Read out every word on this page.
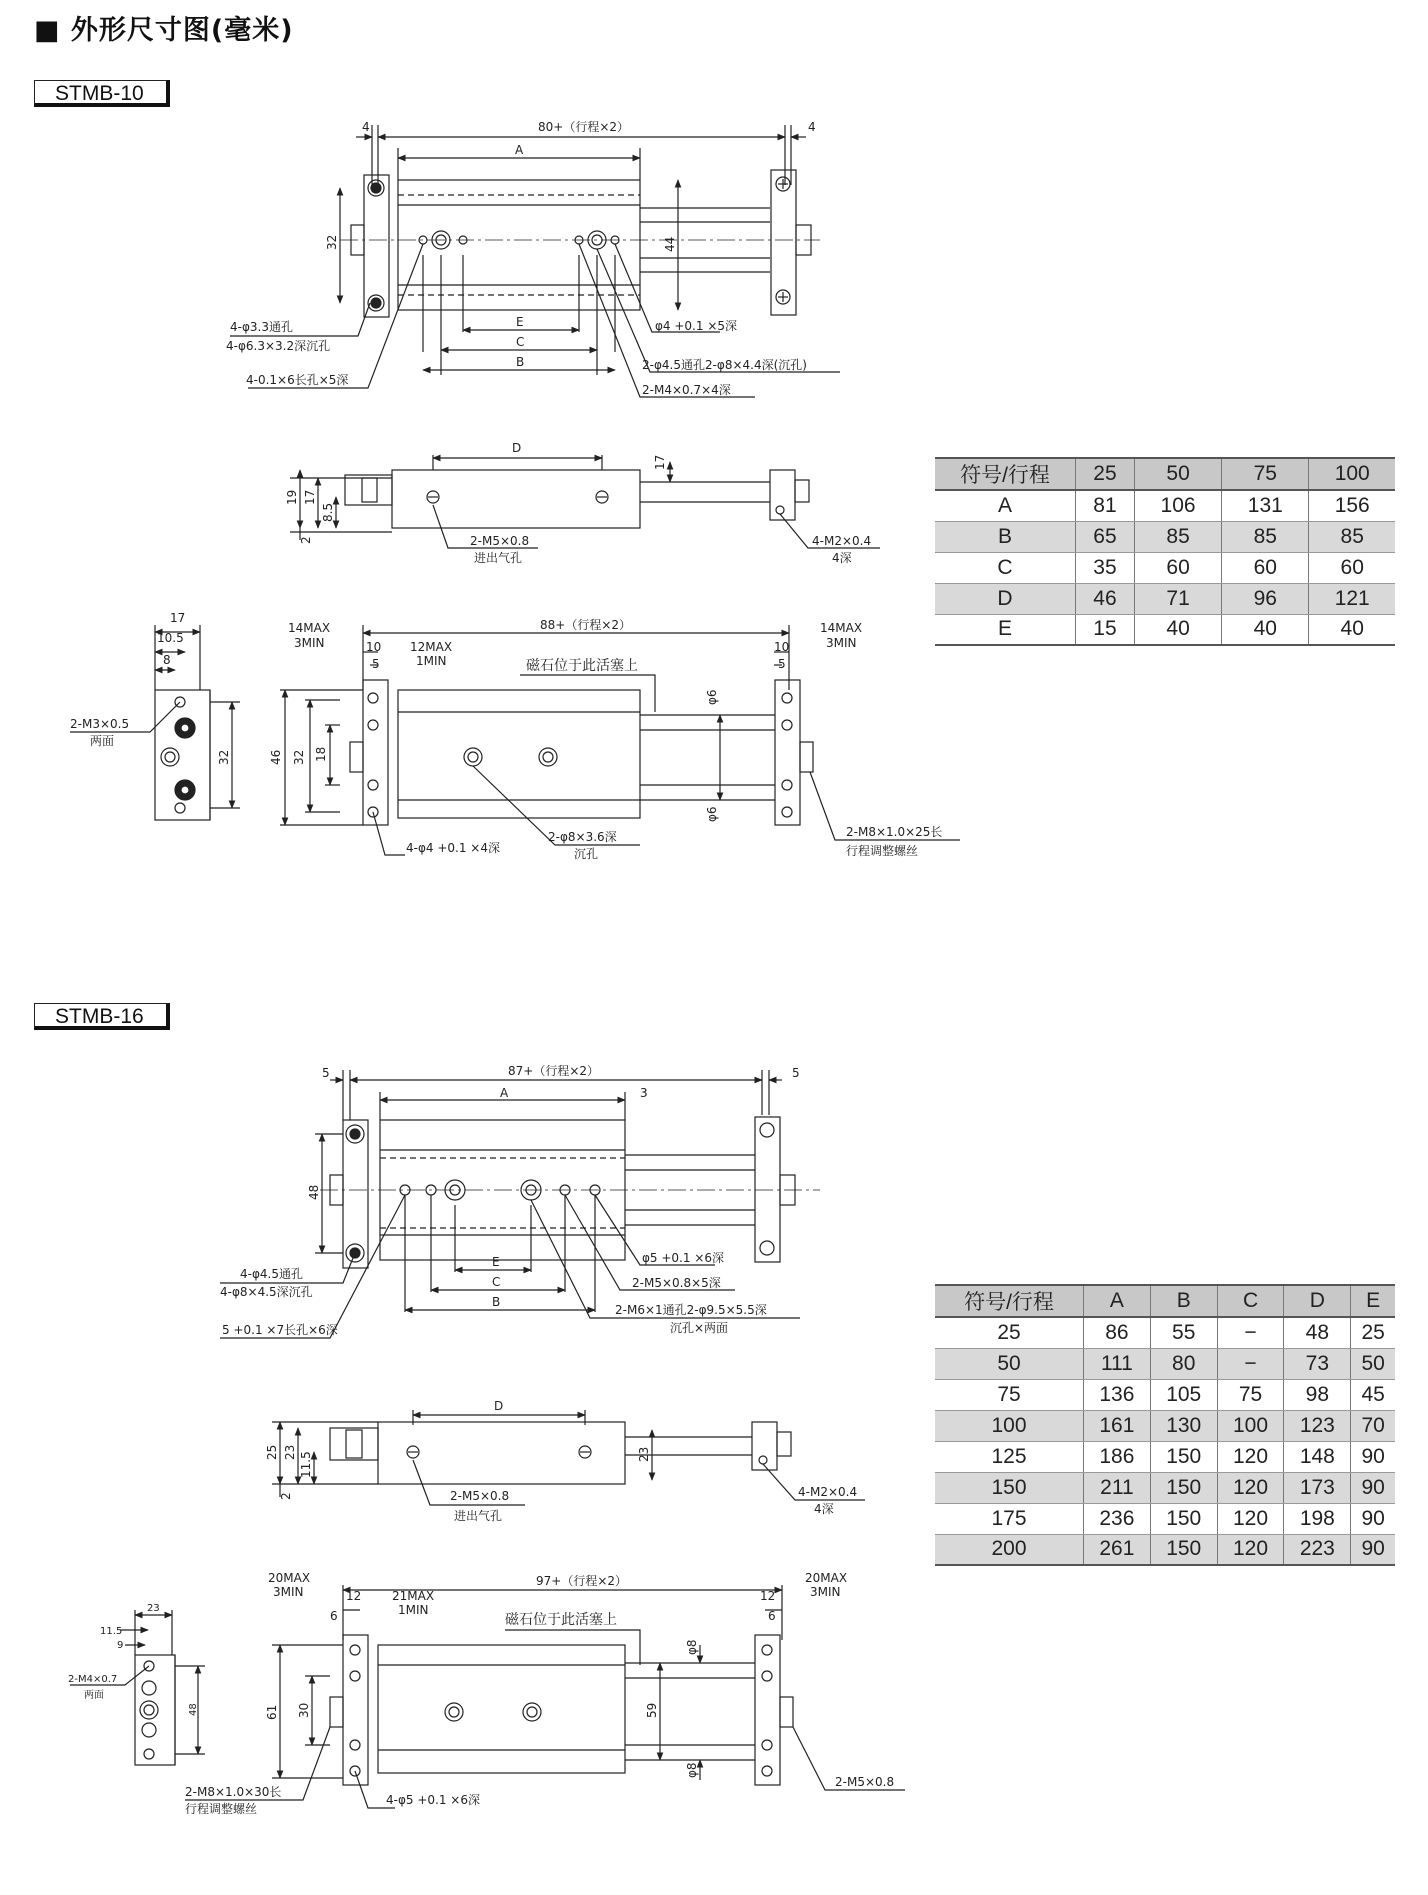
■ 外形尺寸图(毫米)
STMB-10
STMB-16
4	80+（行程×2）	4
A
32	44
E
C
B
4-φ3.3通孔
4-φ6.3×3.2深沉孔
4-0.1×6长孔×5深
φ4 +0.1 ×5深
2-φ4.5通孔2-φ8×4.4深(沉孔)
2-M4×0.7×4深
D
17
19 17
8.5
2	2-M5×0.8
进出气孔
4-M2×0.4
4深
17
10.5
8
32
2-M3×0.5
两面
14MAX
3MIN	10
5
12MAX
1MIN
88+（行程×2）	14MAX
3MIN
10
5
磁石位于此活塞上
46 32 18
φ6
φ6
4-φ4 +0.1 ×4深
2-φ8×3.6深
沉孔
2-M8×1.0×25长
行程调整螺丝
5	87+（行程×2）	5
A	3
48
E
C
B
4-φ4.5通孔
4-φ8×4.5深沉孔
5 +0.1 ×7长孔×6深
φ5 +0.1 ×6深
2-M5×0.8×5深
2-M6×1通孔2-φ9.5×5.5深
沉孔×两面
D
25 23 11.5
2
23
2-M5×0.8
进出气孔
4-M2×0.4
4深
23
11.5
9
48
2-M4×0.7
两面
20MAX
3MIN	12
6
21MAX
1MIN
97+（行程×2）	20MAX
3MIN
12
6
磁石位于此活塞上
61 30	59
φ8
φ8
2-M8×1.0×30长
行程调整螺丝
4-φ5 +0.1 ×6深
2-M5×0.8
符号/行程	25	50	75	100
A	81	106	131	156
B	65	85	85	85
C	35	60	60	60
D	46	71	96	121
E	15	40	40	40
符号/行程	A	B	C	D	E
25	86	55	−	48	25
50	111	80	−	73	50
75	136	105	75	98	45
100	161	130	100	123	70
125	186	150	120	148	90
150	211	150	120	173	90
175	236	150	120	198	90
200	261	150	120	223	90
